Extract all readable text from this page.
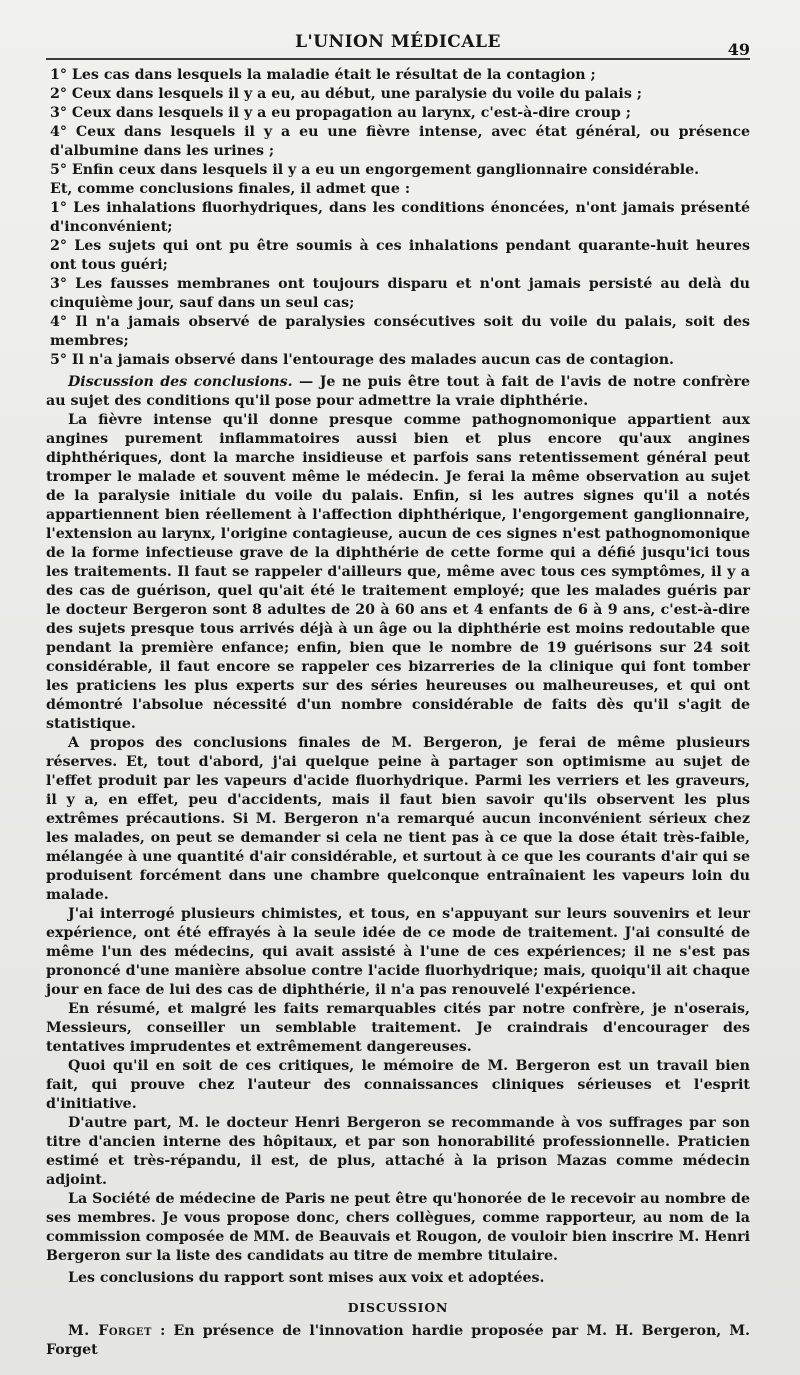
L'UNION MÉDICALE	49

1° Les cas dans lesquels la maladie était le résultat de la contagion ;

2° Ceux dans lesquels il y a eu, au début, une paralysie du voile du palais ;

3° Ceux dans lesquels il y a eu propagation au larynx, c'est-à-dire croup ;

4° Ceux dans lesquels il y a eu une fièvre intense, avec état général, ou présence d'albumine dans les urines ;

5° Enfin ceux dans lesquels il y a eu un engorgement ganglionnaire considérable.

Et, comme conclusions finales, il admet que :

1° Les inhalations fluorhydriques, dans les conditions énoncées, n'ont jamais présenté d'inconvénient;

2° Les sujets qui ont pu être soumis à ces inhalations pendant quarante-huit heures ont tous guéri;

3° Les fausses membranes ont toujours disparu et n'ont jamais persisté au delà du cinquième jour, sauf dans un seul cas;

4° Il n'a jamais observé de paralysies consécutives soit du voile du palais, soit des membres;

5° Il n'a jamais observé dans l'entourage des malades aucun cas de contagion.

Discussion des conclusions. — Je ne puis être tout à fait de l'avis de notre confrère au sujet des conditions qu'il pose pour admettre la vraie diphthérie.

La fièvre intense qu'il donne presque comme pathognomonique appartient aux angines purement inflammatoires aussi bien et plus encore qu'aux angines diphthériques, dont la marche insidieuse et parfois sans retentissement général peut tromper le malade et souvent même le médecin. Je ferai la même observation au sujet de la paralysie initiale du voile du palais. Enfin, si les autres signes qu'il a notés appartiennent bien réellement à l'affection diphthérique, l'engorgement ganglionnaire, l'extension au larynx, l'origine contagieuse, aucun de ces signes n'est pathognomonique de la forme infectieuse grave de la diphthérie de cette forme qui a défié jusqu'ici tous les traitements. Il faut se rappeler d'ailleurs que, même avec tous ces symptômes, il y a des cas de guérison, quel qu'ait été le traitement employé; que les malades guéris par le docteur Bergeron sont 8 adultes de 20 à 60 ans et 4 enfants de 6 à 9 ans, c'est-à-dire des sujets presque tous arrivés déjà à un âge ou la diphthérie est moins redoutable que pendant la première enfance; enfin, bien que le nombre de 19 guérisons sur 24 soit considérable, il faut encore se rappeler ces bizarreries de la clinique qui font tomber les praticiens les plus experts sur des séries heureuses ou malheureuses, et qui ont démontré l'absolue nécessité d'un nombre considérable de faits dès qu'il s'agit de statistique.

A propos des conclusions finales de M. Bergeron, je ferai de même plusieurs réserves. Et, tout d'abord, j'ai quelque peine à partager son optimisme au sujet de l'effet produit par les vapeurs d'acide fluorhydrique. Parmi les verriers et les graveurs, il y a, en effet, peu d'accidents, mais il faut bien savoir qu'ils observent les plus extrêmes précautions. Si M. Bergeron n'a remarqué aucun inconvénient sérieux chez les malades, on peut se demander si cela ne tient pas à ce que la dose était très-faible, mélangée à une quantité d'air considérable, et surtout à ce que les courants d'air qui se produisent forcément dans une chambre quelconque entraînaient les vapeurs loin du malade.

J'ai interrogé plusieurs chimistes, et tous, en s'appuyant sur leurs souvenirs et leur expérience, ont été effrayés à la seule idée de ce mode de traitement. J'ai consulté de même l'un des médecins, qui avait assisté à l'une de ces expériences; il ne s'est pas prononcé d'une manière absolue contre l'acide fluorhydrique; mais, quoiqu'il ait chaque jour en face de lui des cas de diphthérie, il n'a pas renouvelé l'expérience.

En résumé, et malgré les faits remarquables cités par notre confrère, je n'oserais, Messieurs, conseiller un semblable traitement. Je craindrais d'encourager des tentatives imprudentes et extrêmement dangereuses.

Quoi qu'il en soit de ces critiques, le mémoire de M. Bergeron est un travail bien fait, qui prouve chez l'auteur des connaissances cliniques sérieuses et l'esprit d'initiative.

D'autre part, M. le docteur Henri Bergeron se recommande à vos suffrages par son titre d'ancien interne des hôpitaux, et par son honorabilité professionnelle. Praticien estimé et très-répandu, il est, de plus, attaché à la prison Mazas comme médecin adjoint.

La Société de médecine de Paris ne peut être qu'honorée de le recevoir au nombre de ses membres. Je vous propose donc, chers collègues, comme rapporteur, au nom de la commission composée de MM. de Beauvais et Rougon, de vouloir bien inscrire M. Henri Bergeron sur la liste des candidats au titre de membre titulaire.

Les conclusions du rapport sont mises aux voix et adoptées.

DISCUSSION

M. Forget : En présence de l'innovation hardie proposée par M. H. Bergeron, M. Forget
